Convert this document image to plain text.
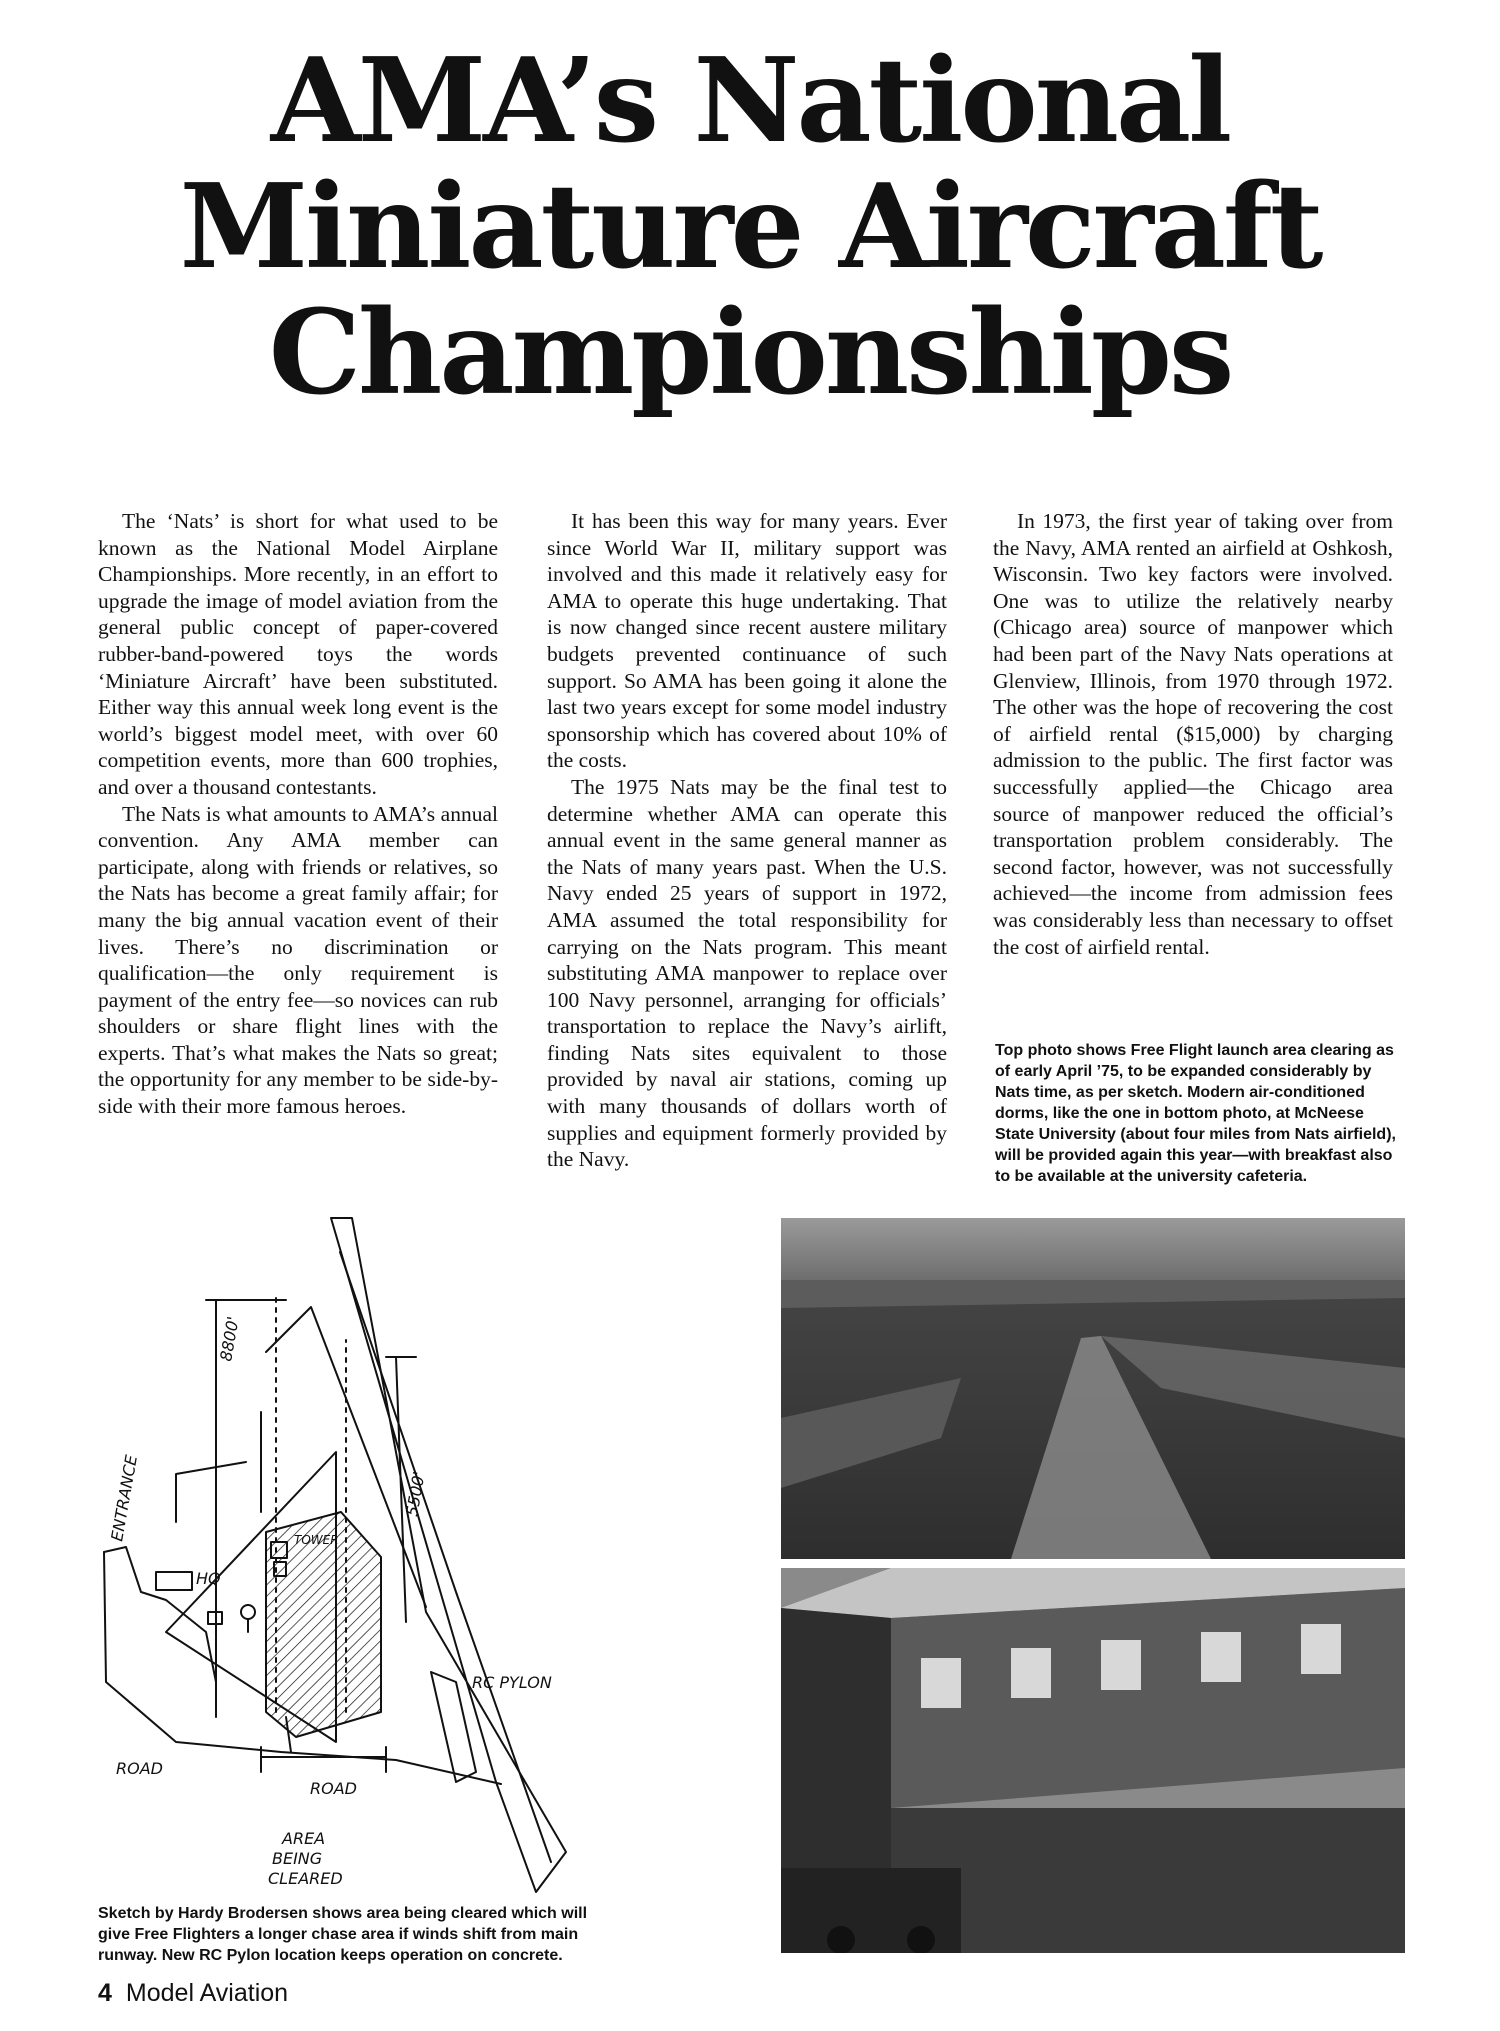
AMA’s National
Miniature Aircraft
Championships

The ‘Nats’ is short for what used to be known as the National Model Airplane Championships. More recently, in an effort to upgrade the image of model aviation from the general public concept of paper-covered rubber-band-powered toys the words ‘Miniature Aircraft’ have been substituted. Either way this annual week long event is the world’s biggest model meet, with over 60 competition events, more than 600 trophies, and over a thousand contestants.

The Nats is what amounts to AMA’s annual convention. Any AMA member can participate, along with friends or relatives, so the Nats has become a great family affair; for many the big annual vacation event of their lives. There’s no discrimination or qualification—the only requirement is payment of the entry fee—so novices can rub shoulders or share flight lines with the experts. That’s what makes the Nats so great; the opportunity for any member to be side-by-side with their more famous heroes.

It has been this way for many years. Ever since World War II, military support was involved and this made it relatively easy for AMA to operate this huge undertaking. That is now changed since recent austere military budgets prevented continuance of such support. So AMA has been going it alone the last two years except for some model industry sponsorship which has covered about 10% of the costs.

The 1975 Nats may be the final test to determine whether AMA can operate this annual event in the same general manner as the Nats of many years past. When the U.S. Navy ended 25 years of support in 1972, AMA assumed the total responsibility for carrying on the Nats program. This meant substituting AMA manpower to replace over 100 Navy personnel, arranging for officials’ transportation to replace the Navy’s airlift, finding Nats sites equivalent to those provided by naval air stations, coming up with many thousands of dollars worth of supplies and equipment formerly provided by the Navy.

In 1973, the first year of taking over from the Navy, AMA rented an airfield at Oshkosh, Wisconsin. Two key factors were involved. One was to utilize the relatively nearby (Chicago area) source of manpower which had been part of the Navy Nats operations at Glenview, Illinois, from 1970 through 1972. The other was the hope of recovering the cost of airfield rental ($15,000) by charging admission to the public. The first factor was successfully applied—the Chicago area source of manpower reduced the official’s transportation problem considerably. The second factor, however, was not successfully achieved—the income from admission fees was considerably less than necessary to offset the cost of airfield rental.

Top photo shows Free Flight launch area clearing as of early April ’75, to be expanded considerably by Nats time, as per sketch. Modern air-conditioned dorms, like the one in bottom photo, at McNeese State University (about four miles from Nats airfield), will be provided again this year—with breakfast also to be available at the university cafeteria.

ENTRANCE
HQ
TOWER
8800'
5500'
RC PYLON
ROAD
ROAD
AREA
BEING
CLEARED

Sketch by Hardy Brodersen shows area being cleared which will give Free Flighters a longer chase area if winds shift from main runway. New RC Pylon location keeps operation on concrete.

4 Model Aviation
